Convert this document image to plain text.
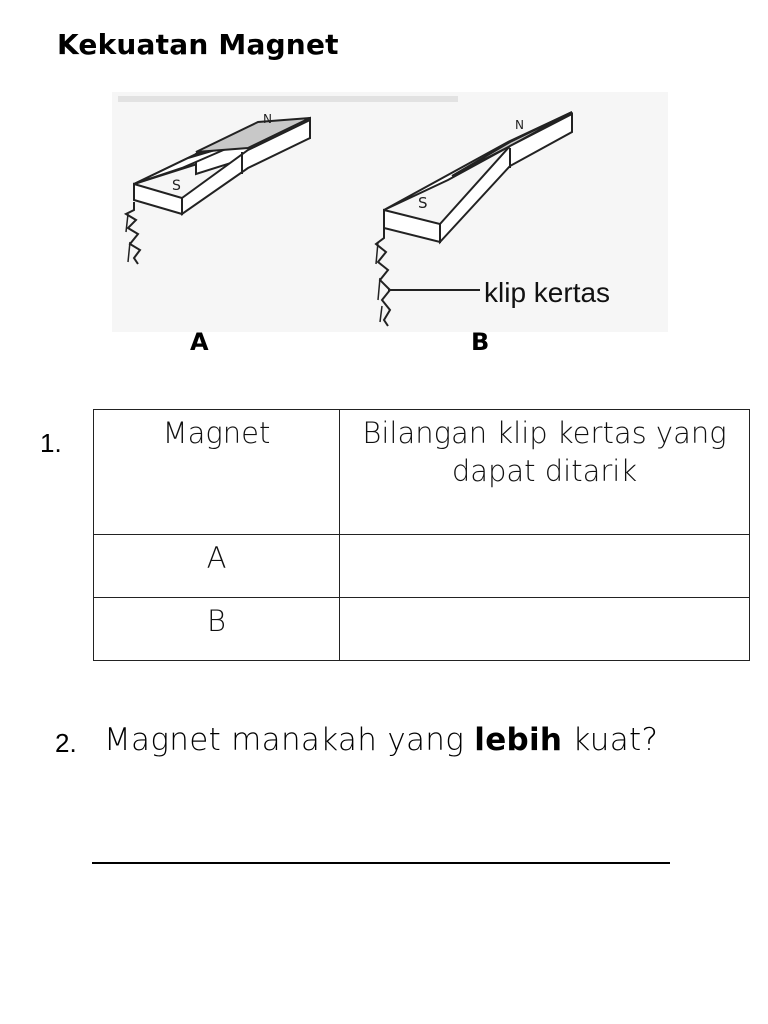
Kekuatan Magnet
S
N
S
N
klip kertas
A	B
1.	Magnet	Bilangan klip kertas yang dapat ditarik
A	
B	
2. Magnet manakah yang lebih kuat?
